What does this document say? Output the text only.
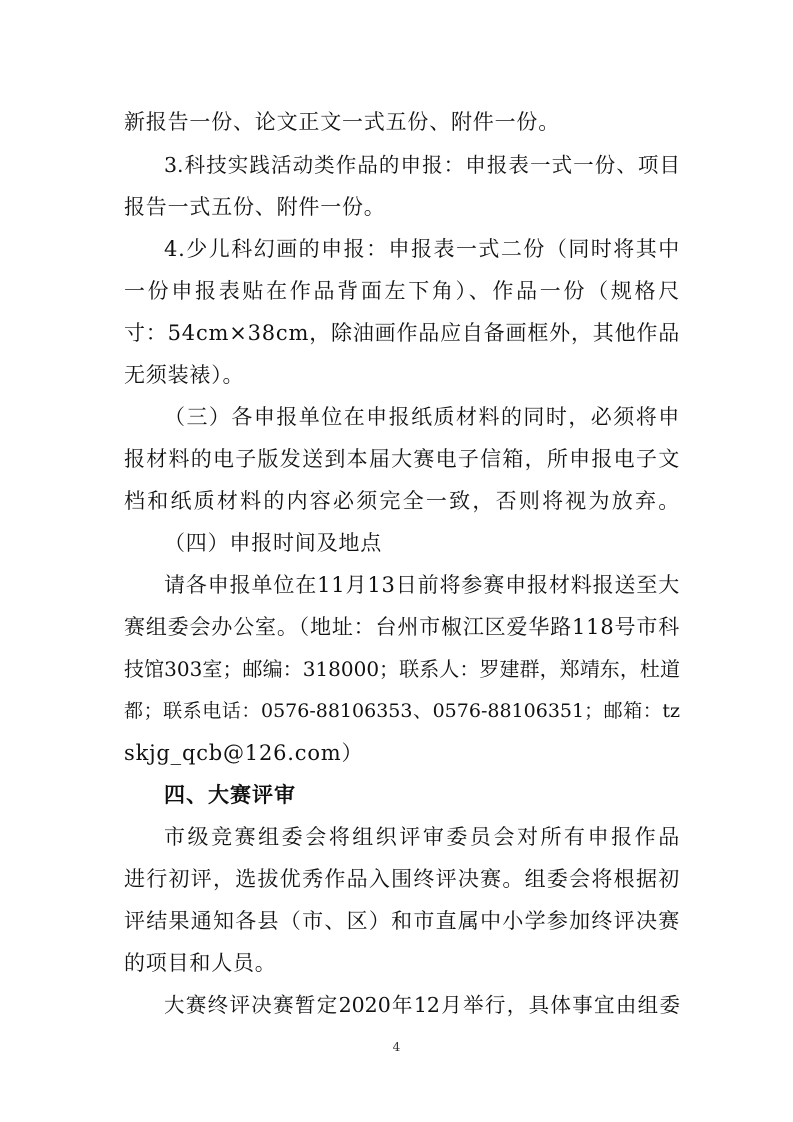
新报告一份、论文正文一式五份、附件一份。
3.科技实践活动类作品的申报：申报表一式一份、项目
报告一式五份、附件一份。
4.少儿科幻画的申报：申报表一式二份（同时将其中
一份申报表贴在作品背面左下角）、作品一份（规格尺
寸：54cm×38cm，除油画作品应自备画框外，其他作品
无须装裱）。
（三）各申报单位在申报纸质材料的同时，必须将申
报材料的电子版发送到本届大赛电子信箱，所申报电子文
档和纸质材料的内容必须完全一致，否则将视为放弃。
（四）申报时间及地点
请各申报单位在11月13日前将参赛申报材料报送至大
赛组委会办公室。（地址：台州市椒江区爱华路118号市科
技馆303室；邮编：318000；联系人：罗建群，郑靖东，杜道
都；联系电话：0576-88106353、0576-88106351；邮箱：tz
skjg_qcb@126.com）
四、大赛评审
市级竞赛组委会将组织评审委员会对所有申报作品
进行初评，选拔优秀作品入围终评决赛。组委会将根据初
评结果通知各县（市、区）和市直属中小学参加终评决赛
的项目和人员。
大赛终评决赛暂定2020年12月举行，具体事宜由组委
4
